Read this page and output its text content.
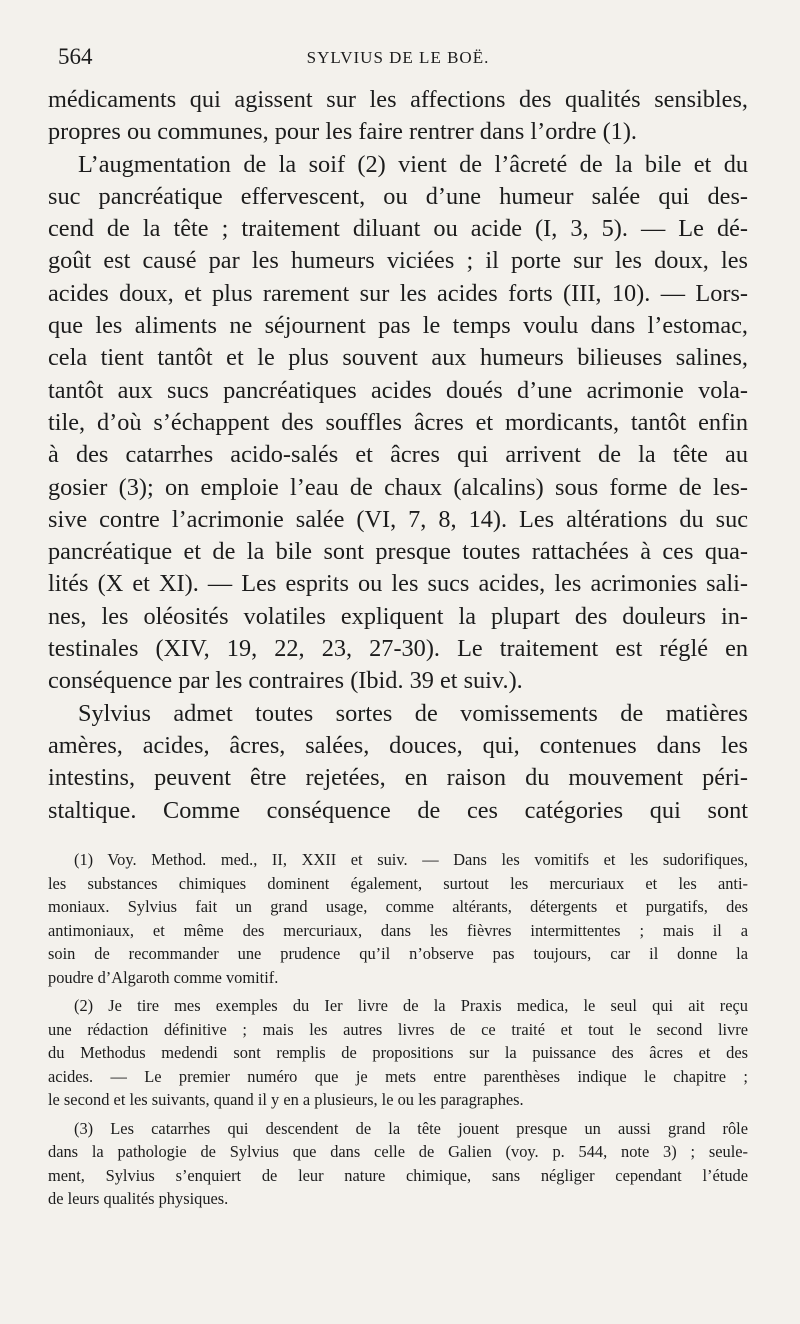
564	SYLVIUS DE LE BOË.
médicaments qui agissent sur les affections des qualités sensibles,
propres ou communes, pour les faire rentrer dans l’ordre (1).
L’augmentation de la soif (2) vient de l’âcreté de la bile et du
suc pancréatique effervescent, ou d’une humeur salée qui des-
cend de la tête ; traitement diluant ou acide (I, 3, 5). — Le dé-
goût est causé par les humeurs viciées ; il porte sur les doux, les
acides doux, et plus rarement sur les acides forts (III, 10). — Lors-
que les aliments ne séjournent pas le temps voulu dans l’estomac,
cela tient tantôt et le plus souvent aux humeurs bilieuses salines,
tantôt aux sucs pancréatiques acides doués d’une acrimonie vola-
tile, d’où s’échappent des souffles âcres et mordicants, tantôt enfin
à des catarrhes acido-salés et âcres qui arrivent de la tête au
gosier (3); on emploie l’eau de chaux (alcalins) sous forme de les-
sive contre l’acrimonie salée (VI, 7, 8, 14). Les altérations du suc
pancréatique et de la bile sont presque toutes rattachées à ces qua-
lités (X et XI). — Les esprits ou les sucs acides, les acrimonies sali-
nes, les oléosités volatiles expliquent la plupart des douleurs in-
testinales (XIV, 19, 22, 23, 27-30). Le traitement est réglé en
conséquence par les contraires (Ibid. 39 et suiv.).
Sylvius admet toutes sortes de vomissements de matières
amères, acides, âcres, salées, douces, qui, contenues dans les
intestins, peuvent être rejetées, en raison du mouvement péri-
staltique. Comme conséquence de ces catégories qui sont
(1) Voy. Method. med., II, XXII et suiv. — Dans les vomitifs et les sudorifiques,
les substances chimiques dominent également, surtout les mercuriaux et les anti-
moniaux. Sylvius fait un grand usage, comme altérants, détergents et purgatifs, des
antimoniaux, et même des mercuriaux, dans les fièvres intermittentes ; mais il a
soin de recommander une prudence qu’il n’observe pas toujours, car il donne la
poudre d’Algaroth comme vomitif.
(2) Je tire mes exemples du Ier livre de la Praxis medica, le seul qui ait reçu
une rédaction définitive ; mais les autres livres de ce traité et tout le second livre
du Methodus medendi sont remplis de propositions sur la puissance des âcres et des
acides. — Le premier numéro que je mets entre parenthèses indique le chapitre ;
le second et les suivants, quand il y en a plusieurs, le ou les paragraphes.
(3) Les catarrhes qui descendent de la tête jouent presque un aussi grand rôle
dans la pathologie de Sylvius que dans celle de Galien (voy. p. 544, note 3) ; seule-
ment, Sylvius s’enquiert de leur nature chimique, sans négliger cependant l’étude
de leurs qualités physiques.
